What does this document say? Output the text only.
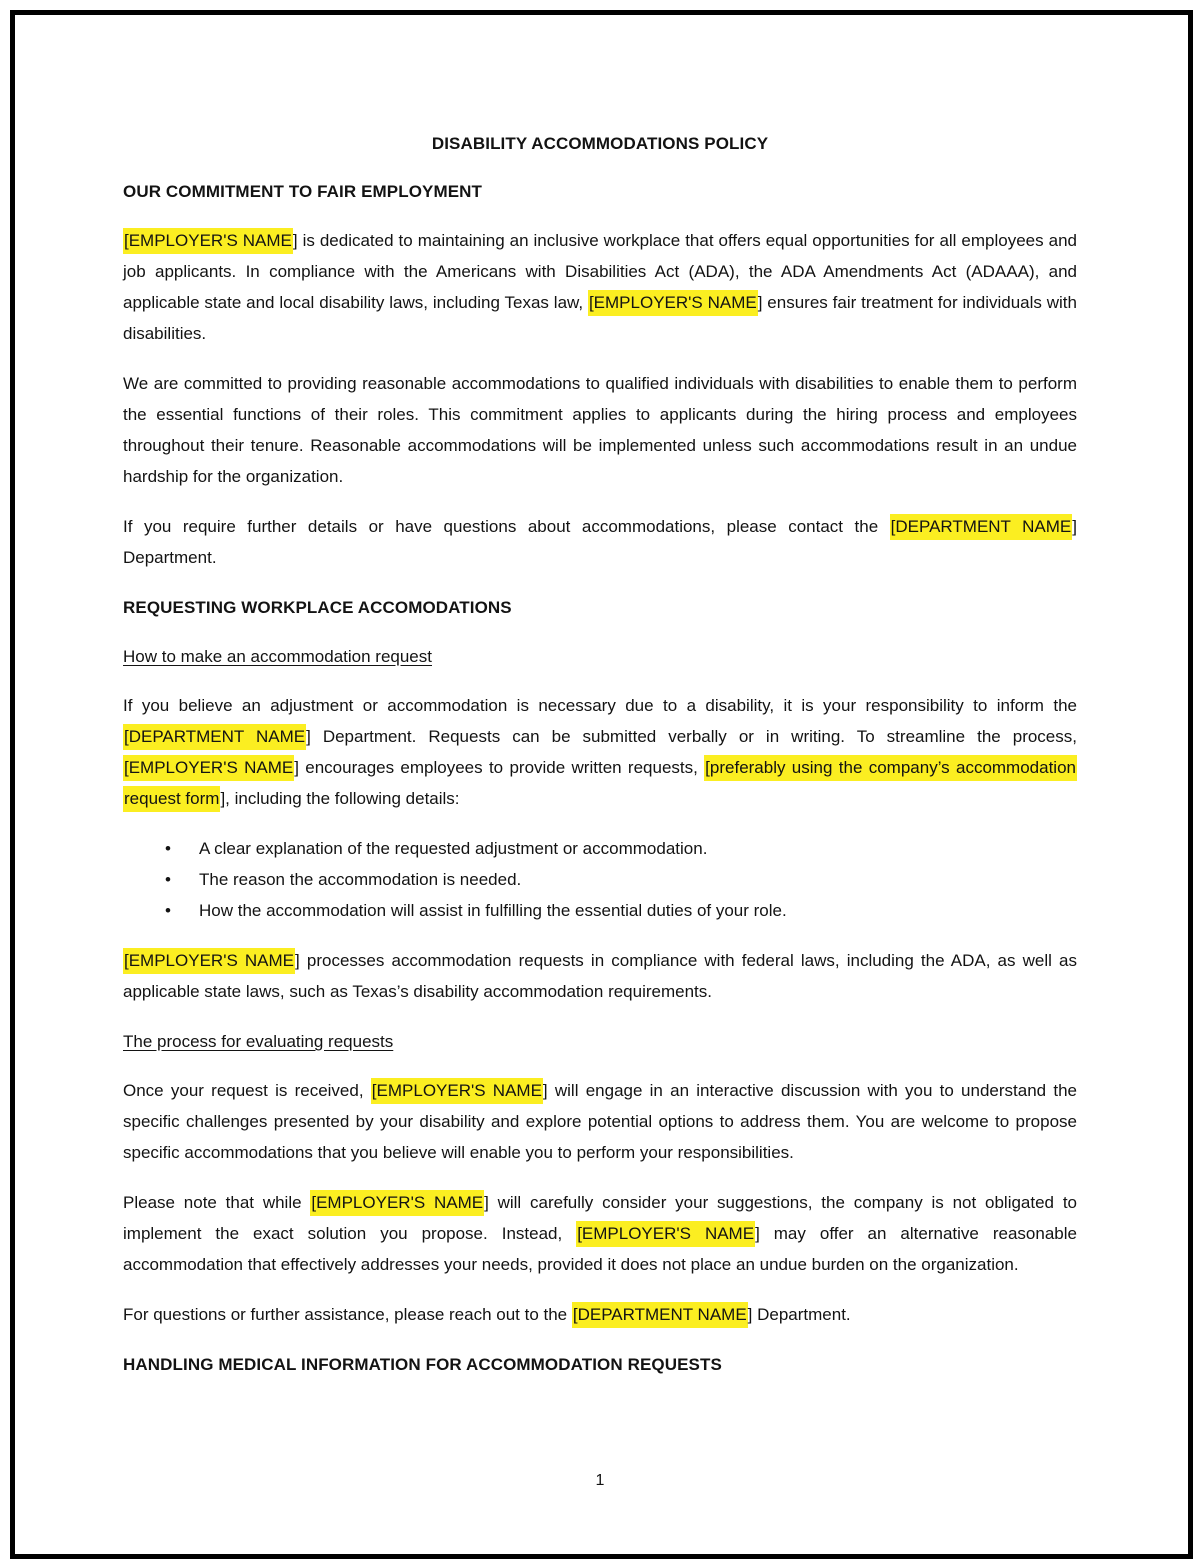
DISABILITY ACCOMMODATIONS POLICY
OUR COMMITMENT TO FAIR EMPLOYMENT

[EMPLOYER'S NAME] is dedicated to maintaining an inclusive workplace that offers equal opportunities for all employees and job applicants. In compliance with the Americans with Disabilities Act (ADA), the ADA Amendments Act (ADAAA), and applicable state and local disability laws, including Texas law, [EMPLOYER'S NAME] ensures fair treatment for individuals with disabilities.

We are committed to providing reasonable accommodations to qualified individuals with disabilities to enable them to perform the essential functions of their roles. This commitment applies to applicants during the hiring process and employees throughout their tenure. Reasonable accommodations will be implemented unless such accommodations result in an undue hardship for the organization.

If you require further details or have questions about accommodations, please contact the [DEPARTMENT NAME] Department.

REQUESTING WORKPLACE ACCOMODATIONS
How to make an accommodation request

If you believe an adjustment or accommodation is necessary due to a disability, it is your responsibility to inform the [DEPARTMENT NAME] Department. Requests can be submitted verbally or in writing. To streamline the process, [EMPLOYER'S NAME] encourages employees to provide written requests, [preferably using the company’s accommodation request form], including the following details:

• A clear explanation of the requested adjustment or accommodation.
• The reason the accommodation is needed.
• How the accommodation will assist in fulfilling the essential duties of your role.

[EMPLOYER'S NAME] processes accommodation requests in compliance with federal laws, including the ADA, as well as applicable state laws, such as Texas’s disability accommodation requirements.

The process for evaluating requests

Once your request is received, [EMPLOYER'S NAME] will engage in an interactive discussion with you to understand the specific challenges presented by your disability and explore potential options to address them. You are welcome to propose specific accommodations that you believe will enable you to perform your responsibilities.

Please note that while [EMPLOYER'S NAME] will carefully consider your suggestions, the company is not obligated to implement the exact solution you propose. Instead, [EMPLOYER'S NAME] may offer an alternative reasonable accommodation that effectively addresses your needs, provided it does not place an undue burden on the organization.

For questions or further assistance, please reach out to the [DEPARTMENT NAME] Department.

HANDLING MEDICAL INFORMATION FOR ACCOMMODATION REQUESTS
1
